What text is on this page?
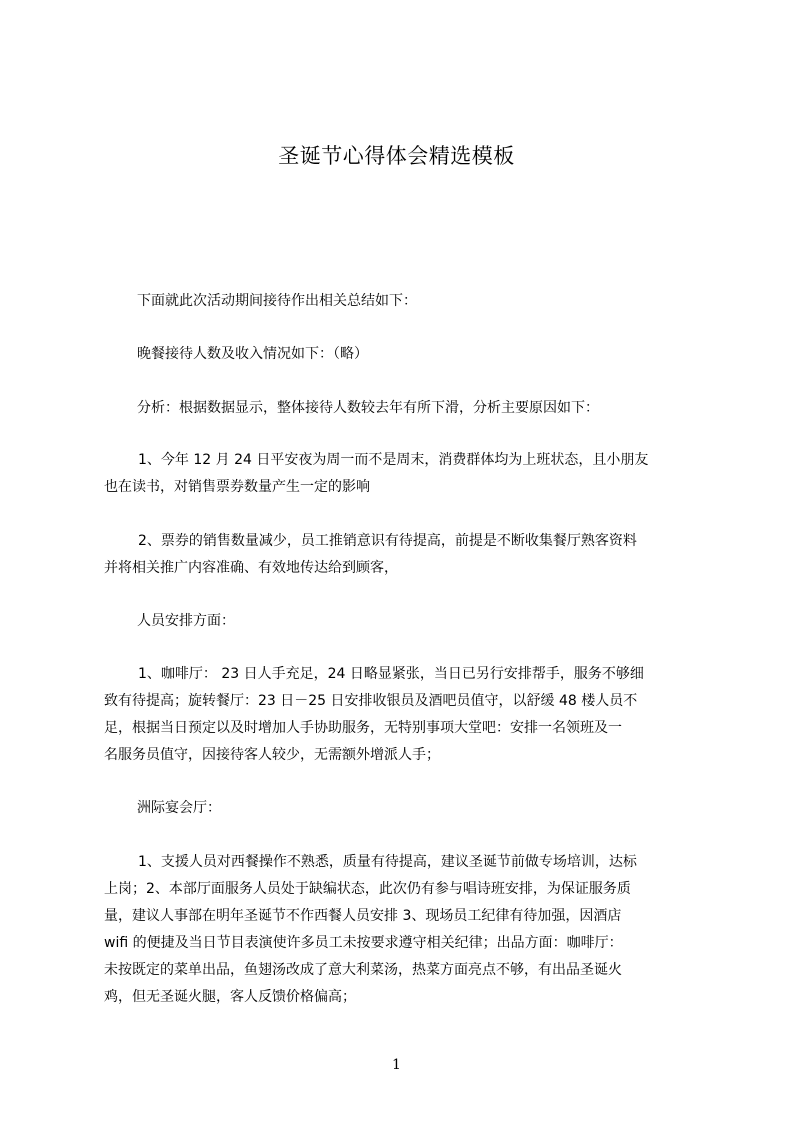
圣诞节心得体会精选模板

下面就此次活动期间接待作出相关总结如下：

晚餐接待人数及收入情况如下：（略）

分析：根据数据显示，整体接待人数较去年有所下滑，分析主要原因如下：

1、今年 12 月 24 日平安夜为周一而不是周末，消费群体均为上班状态，且小朋友
也在读书，对销售票券数量产生一定的影响

2、票券的销售数量减少，员工推销意识有待提高，前提是不断收集餐厅熟客资料
并将相关推广内容准确、有效地传达给到顾客，

人员安排方面：

1、咖啡厅： 23 日人手充足，24 日略显紧张，当日已另行安排帮手，服务不够细
致有待提高；旋转餐厅：23 日－25 日安排收银员及酒吧员值守，以舒缓 48 楼人员不
足，根据当日预定以及时增加人手协助服务，无特别事项大堂吧：安排一名领班及一
名服务员值守，因接待客人较少，无需额外增派人手；

洲际宴会厅：

1、支援人员对西餐操作不熟悉，质量有待提高，建议圣诞节前做专场培训，达标
上岗；2、本部厅面服务人员处于缺编状态，此次仍有参与唱诗班安排，为保证服务质
量，建议人事部在明年圣诞节不作西餐人员安排 3、现场员工纪律有待加强，因酒店
wifi 的便捷及当日节目表演使许多员工未按要求遵守相关纪律；出品方面：咖啡厅：
未按既定的菜单出品，鱼翅汤改成了意大利菜汤，热菜方面亮点不够，有出品圣诞火
鸡，但无圣诞火腿，客人反馈价格偏高；

1
